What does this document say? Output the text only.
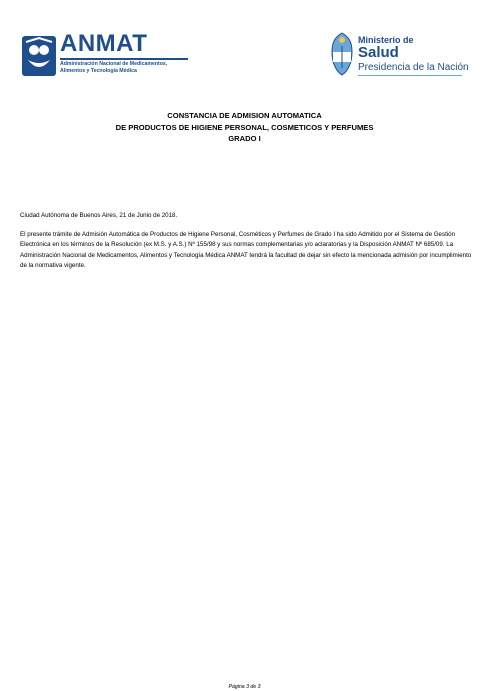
ANMAT
Administración Nacional de Medicamentos,
Alimentos y Tecnología Médica
Ministerio de
Salud
Presidencia de la Nación
CONSTANCIA DE ADMISION AUTOMATICA
DE PRODUCTOS DE HIGIENE PERSONAL, COSMETICOS Y PERFUMES
GRADO I
Ciudad Autónoma de Buenos Aires, 21 de Junio de 2018.
El presente trámite de Admisión Automática de Productos de Higiene Personal, Cosméticos y Perfumes de Grado I ha sido Admitido por el Sistema de Gestión Electrónica en los términos de la Resolución (ex M.S. y A.S.) Nº 155/98 y sus normas complementarias y/o aclaratorias y la Disposición ANMAT Nº 685/09. La Administración Nacional de Medicamentos, Alimentos y Tecnología Médica ANMAT tendrá la facultad de dejar sin efecto la mencionada admisión por incumplimiento de la normativa vigente.
Página 3 de 3
